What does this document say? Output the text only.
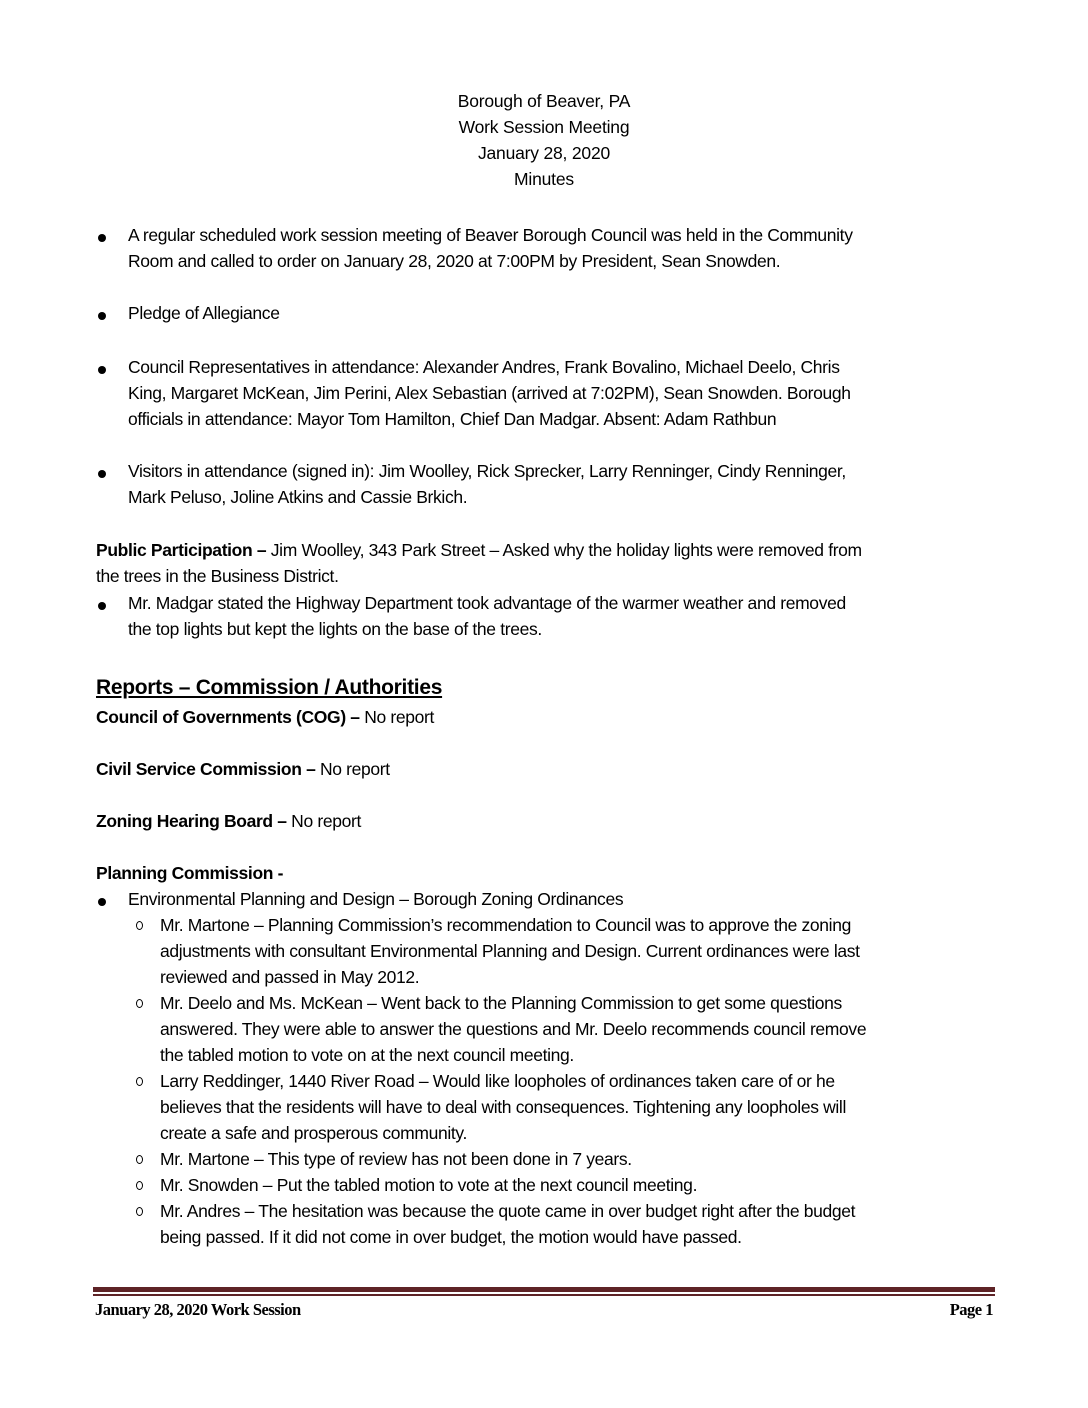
Borough of Beaver, PA
Work Session Meeting
January 28, 2020
Minutes
A regular scheduled work session meeting of Beaver Borough Council was held in the Community
Room and called to order on January 28, 2020 at 7:00PM by President, Sean Snowden.
Pledge of Allegiance
Council Representatives in attendance: Alexander Andres, Frank Bovalino, Michael Deelo, Chris
King, Margaret McKean, Jim Perini, Alex Sebastian (arrived at 7:02PM), Sean Snowden. Borough
officials in attendance: Mayor Tom Hamilton, Chief Dan Madgar. Absent: Adam Rathbun
Visitors in attendance (signed in): Jim Woolley, Rick Sprecker, Larry Renninger, Cindy Renninger,
Mark Peluso, Joline Atkins and Cassie Brkich.
Public Participation – Jim Woolley, 343 Park Street – Asked why the holiday lights were removed from
the trees in the Business District.
Mr. Madgar stated the Highway Department took advantage of the warmer weather and removed
the top lights but kept the lights on the base of the trees.
Reports – Commission / Authorities
Council of Governments (COG) – No report
Civil Service Commission – No report
Zoning Hearing Board – No report
Planning Commission -
Environmental Planning and Design – Borough Zoning Ordinances
Mr. Martone – Planning Commission’s recommendation to Council was to approve the zoning
adjustments with consultant Environmental Planning and Design. Current ordinances were last
reviewed and passed in May 2012.
Mr. Deelo and Ms. McKean – Went back to the Planning Commission to get some questions
answered. They were able to answer the questions and Mr. Deelo recommends council remove
the tabled motion to vote on at the next council meeting.
Larry Reddinger, 1440 River Road – Would like loopholes of ordinances taken care of or he
believes that the residents will have to deal with consequences. Tightening any loopholes will
create a safe and prosperous community.
Mr. Martone – This type of review has not been done in 7 years.
Mr. Snowden – Put the tabled motion to vote at the next council meeting.
Mr. Andres – The hesitation was because the quote came in over budget right after the budget
being passed. If it did not come in over budget, the motion would have passed.
January 28, 2020 Work Session	Page 1
